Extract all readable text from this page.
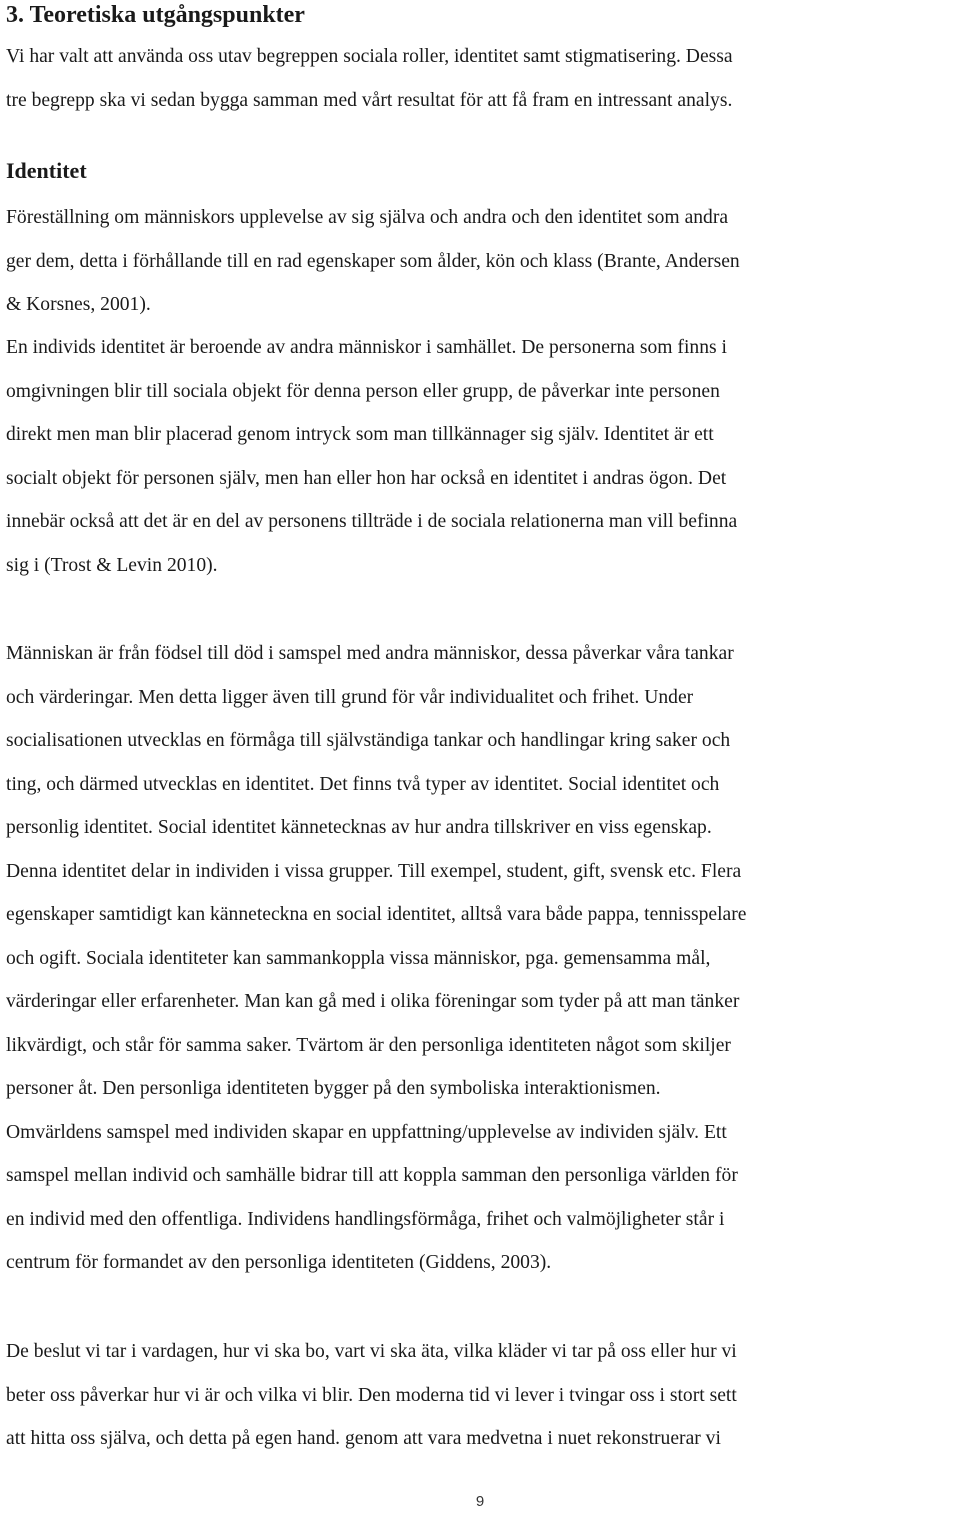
3. Teoretiska utgångspunkter

Vi har valt att använda oss utav begreppen sociala roller, identitet samt stigmatisering. Dessa
tre begrepp ska vi sedan bygga samman med vårt resultat för att få fram en intressant analys.

Identitet

Föreställning om människors upplevelse av sig själva och andra och den identitet som andra
ger dem, detta i förhållande till en rad egenskaper som ålder, kön och klass (Brante, Andersen
& Korsnes, 2001).

En individs identitet är beroende av andra människor i samhället. De personerna som finns i
omgivningen blir till sociala objekt för denna person eller grupp, de påverkar inte personen
direkt men man blir placerad genom intryck som man tillkännager sig själv. Identitet är ett
socialt objekt för personen själv, men han eller hon har också en identitet i andras ögon. Det
innebär också att det är en del av personens tillträde i de sociala relationerna man vill befinna
sig i (Trost & Levin 2010).

Människan är från födsel till död i samspel med andra människor, dessa påverkar våra tankar
och värderingar. Men detta ligger även till grund för vår individualitet och frihet. Under
socialisationen utvecklas en förmåga till självständiga tankar och handlingar kring saker och
ting, och därmed utvecklas en identitet. Det finns två typer av identitet. Social identitet och
personlig identitet. Social identitet kännetecknas av hur andra tillskriver en viss egenskap.
Denna identitet delar in individen i vissa grupper. Till exempel, student, gift, svensk etc. Flera
egenskaper samtidigt kan känneteckna en social identitet, alltså vara både pappa, tennisspelare
och ogift. Sociala identiteter kan sammankoppla vissa människor, pga. gemensamma mål,
värderingar eller erfarenheter. Man kan gå med i olika föreningar som tyder på att man tänker
likvärdigt, och står för samma saker. Tvärtom är den personliga identiteten något som skiljer
personer åt. Den personliga identiteten bygger på den symboliska interaktionismen.
Omvärldens samspel med individen skapar en uppfattning/upplevelse av individen själv. Ett
samspel mellan individ och samhälle bidrar till att koppla samman den personliga världen för
en individ med den offentliga. Individens handlingsförmåga, frihet och valmöjligheter står i
centrum för formandet av den personliga identiteten (Giddens, 2003).

De beslut vi tar i vardagen, hur vi ska bo, vart vi ska äta, vilka kläder vi tar på oss eller hur vi
beter oss påverkar hur vi är och vilka vi blir. Den moderna tid vi lever i tvingar oss i stort sett
att hitta oss själva, och detta på egen hand. genom att vara medvetna i nuet rekonstruerar vi

9
